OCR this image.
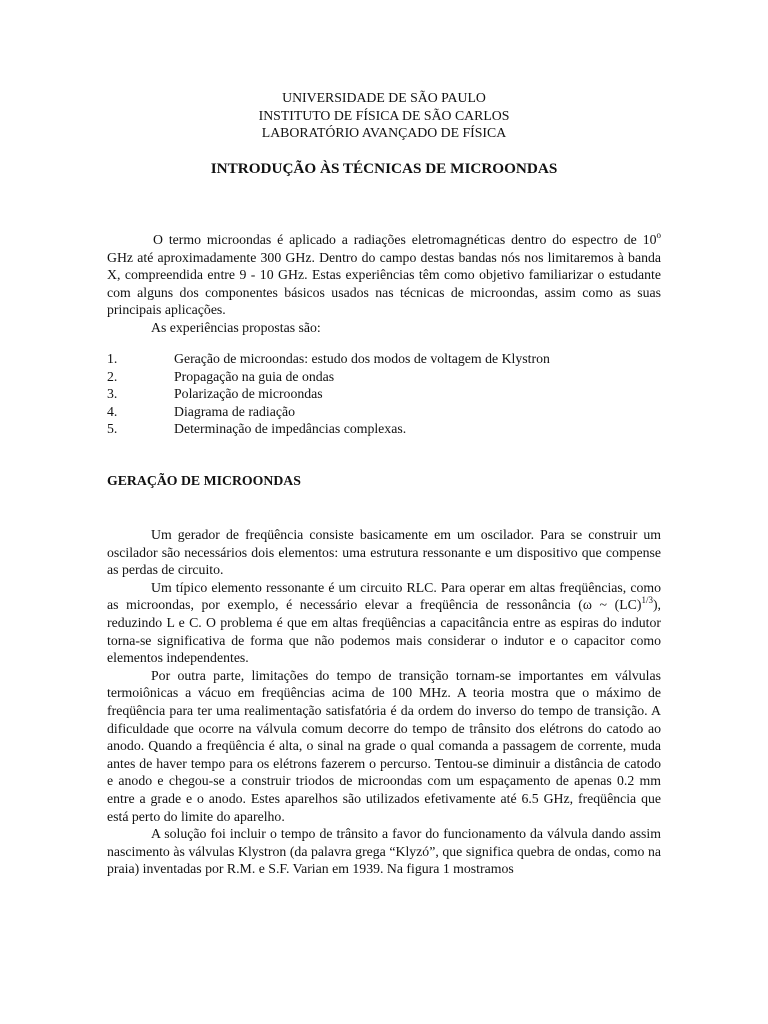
UNIVERSIDADE DE SÃO PAULO
INSTITUTO DE FÍSICA DE SÃO CARLOS
LABORATÓRIO AVANÇADO DE FÍSICA
INTRODUÇÃO ÀS TÉCNICAS DE MICROONDAS

O termo microondas é aplicado a radiações eletromagnéticas dentro do espectro de 10$^o$ GHz até aproximadamente 300 GHz. Dentro do campo destas bandas nós nos limitaremos à banda X, compreendida entre 9 - 10 GHz. Estas experiências têm como objetivo familiarizar o estudante com alguns dos componentes básicos usados nas técnicas de microondas, assim como as suas principais aplicações.

As experiências propostas são:

1.	Geração de microondas: estudo dos modos de voltagem de Klystron
2.	Propagação na guia de ondas
3.	Polarização de microondas
4.	Diagrama de radiação
5.	Determinação de impedâncias complexas.
GERAÇÃO DE MICROONDAS

Um gerador de freqüência consiste basicamente em um oscilador. Para se construir um oscilador são necessários dois elementos: uma estrutura ressonante e um dispositivo que compense as perdas de circuito.

Um típico elemento ressonante é um circuito RLC. Para operar em altas freqüências, como as microondas, por exemplo, é necessário elevar a freqüência de ressonância (ω ~ (LC)$^{1/3}$), reduzindo L e C. O problema é que em altas freqüências a capacitância entre as espiras do indutor torna-se significativa de forma que não podemos mais considerar o indutor e o capacitor como elementos independentes.

Por outra parte, limitações do tempo de transição tornam-se importantes em válvulas termoiônicas a vácuo em freqüências acima de 100 MHz. A teoria mostra que o máximo de freqüência para ter uma realimentação satisfatória é da ordem do inverso do tempo de transição. A dificuldade que ocorre na válvula comum decorre do tempo de trânsito dos elétrons do catodo ao anodo. Quando a freqüência é alta, o sinal na grade o qual comanda a passagem de corrente, muda antes de haver tempo para os elétrons fazerem o percurso. Tentou-se diminuir a distância de catodo e anodo e chegou-se a construir triodos de microondas com um espaçamento de apenas 0.2 mm entre a grade e o anodo. Estes aparelhos são utilizados efetivamente até 6.5 GHz, freqüência que está perto do limite do aparelho.

A solução foi incluir o tempo de trânsito a favor do funcionamento da válvula dando assim nascimento às válvulas Klystron (da palavra grega “Klyzó”, que significa quebra de ondas, como na praia) inventadas por R.M. e S.F. Varian em 1939. Na figura 1 mostramos
